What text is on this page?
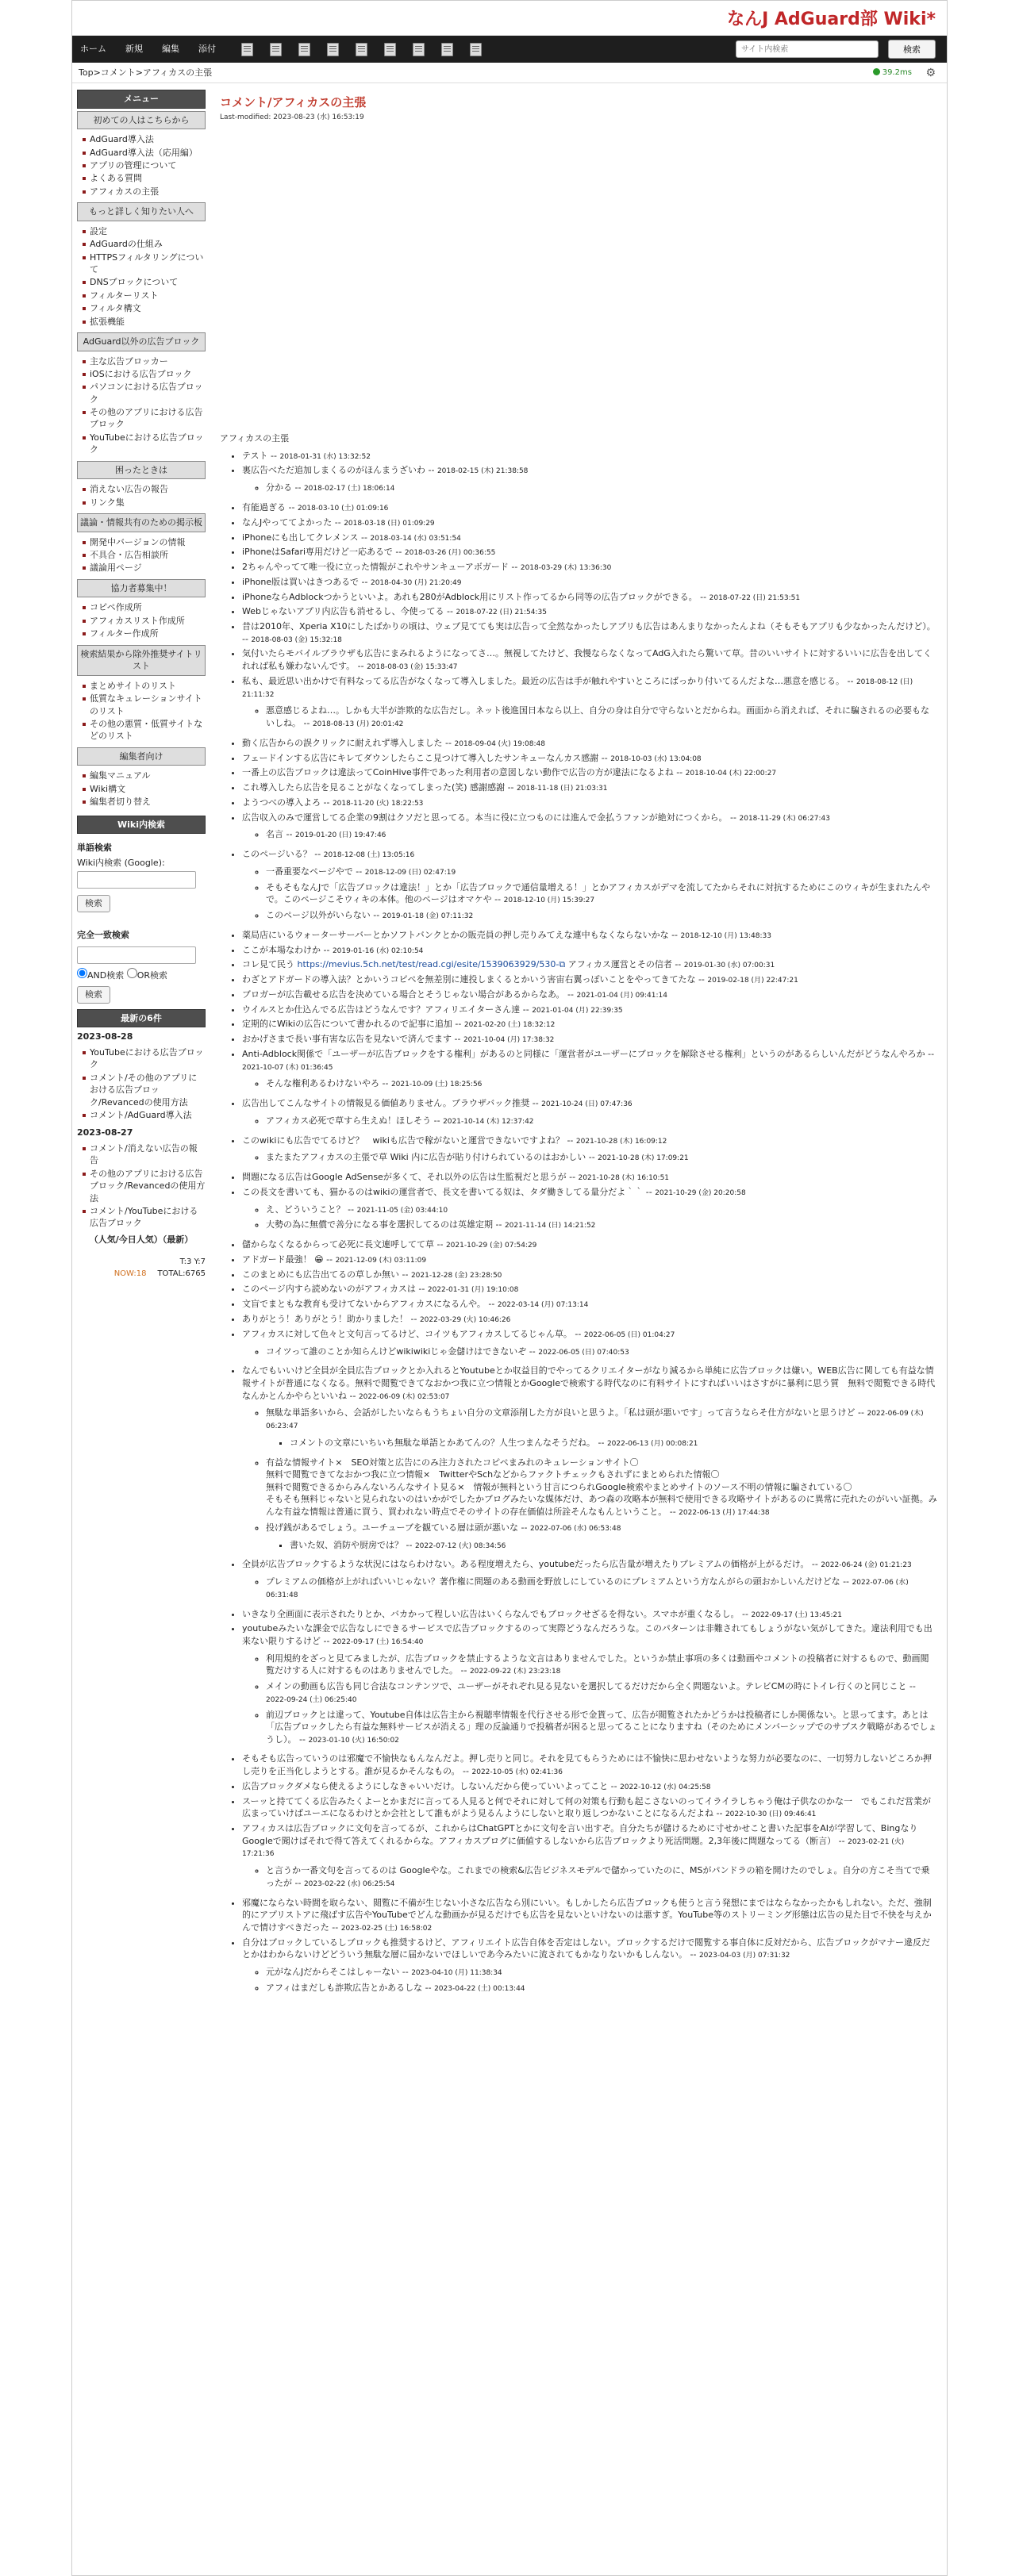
なんJ AdGuard部 Wiki*
ホーム 新規 編集 添付
サイト内検索	検索
Top > コメント > アフィカスの主張	39.2ms ⚙
メニュー
初めての人はこちらから
AdGuard導入法
AdGuard導入法（応用編）
アプリの管理について
よくある質問
アフィカスの主張
もっと詳しく知りたい人へ
設定
AdGuardの仕組み
HTTPSフィルタリングについて
DNSブロックについて
フィルターリスト
フィルタ構文
拡張機能
AdGuard以外の広告ブロック
主な広告ブロッカー
iOSにおける広告ブロック
パソコンにおける広告ブロック
その他のアプリにおける広告ブロック
YouTubeにおける広告ブロック
困ったときは
消えない広告の報告
リンク集
議論・情報共有のための掲示板
開発中バージョンの情報
不具合・広告相談所
議論用ページ
協力者募集中！
コピペ作成所
アフィカスリスト作成所
フィルター作成所
検索結果から除外推奨サイトリスト
まとめサイトのリスト
低質なキュレーションサイトのリスト
その他の悪質・低質サイトなどのリスト
編集者向け
編集マニュアル
Wiki構文
編集者切り替え
Wiki内検索
単語検索
Wiki内検索 (Google):
検索
完全一致検索
AND検索 OR検索
検索
最新の6件
2023-08-28
YouTubeにおける広告ブロック
コメント/その他のアプリにおける広告ブロック/Revancedの使用方法
コメント/AdGuard導入法
2023-08-27
コメント/消えない広告の報告
その他のアプリにおける広告ブロック/Revancedの使用方法
コメント/YouTubeにおける広告ブロック
（人気/今日人気）（最新）
T:3 Y:7
NOW:18 TOTAL:6765
コメント/アフィカスの主張
Last-modified: 2023-08-23 (水) 16:53:19
アフィカスの主張
• テスト -- 2018-01-31 (水) 13:32:52
• 裏広告べただ追加しまくるのがほんまうざいわ -- 2018-02-15 (木) 21:38:58
◦ 分かる -- 2018-02-17 (土) 18:06:14
• 有能過ぎる -- 2018-03-10 (土) 01:09:16
• なんJやっててよかった -- 2018-03-18 (日) 01:09:29
• iPhoneにも出してクレメンス -- 2018-03-14 (水) 03:51:54
• iPhoneはSafari専用だけど一応あるで -- 2018-03-26 (月) 00:36:55
• 2ちゃんやってて唯一役に立った情報がこれやサンキューアボガード -- 2018-03-29 (木) 13:36:30
• iPhone版は買いはきつあるで -- 2018-04-30 (月) 21:20:49
• iPhoneならAdblockつかうといいよ。あれも280がAdblock用にリスト作ってるから同等の広告ブロックができる。 -- 2018-07-22 (日) 21:53:51
• Webじゃないアプリ内広告も消せるし、今使ってる -- 2018-07-22 (日) 21:54:35
• 昔は2010年、Xperia X10にしたばかりの頃は、ウェブ見てても実は広告って全然なかったしアプリも広告はあんまりなかったんよね（そもそもアプリも少なかったんだけど）。 -- 2018-08-03 (金) 15:32:18
• 気付いたらモバイルブラウザも広告にまみれるようになってさ…。無視してたけど、我慢ならなくなってAdG入れたら驚いて草。昔のいいサイトに対するいいに広告を出してくれれば私も嫌わないんです。 -- 2018-08-03 (金) 15:33:47
• 私も、最近思い出かけで有料なってる広告がなくなって導入しました。最近の広告は手が触れやすいところにばっかり付いてるんだよな…悪意を感じる。 -- 2018-08-12 (日) 21:11:32
◦ 悪意感じるよね…。しかも大半が詐欺的な広告だし。ネット後進国日本なら以上、自分の身は自分で守らないとだからね。画面から消えれば、それに騙されるの必要もないしね。 -- 2018-08-13 (月) 20:01:42
• 動く広告からの誤クリックに耐えれず導入しました -- 2018-09-04 (火) 19:08:48
• フェードインする広告にキレてダウンしたらここ見つけて導入したサンキューなんカス感謝 -- 2018-10-03 (水) 13:04:08
• 一番上の広告ブロックは違法ってCoinHive事件であった利用者の意図しない動作で広告の方が違法になるよね -- 2018-10-04 (木) 22:00:27
• これ導入したら広告を見ることがなくなってしまった(笑) 感謝感謝 -- 2018-11-18 (日) 21:03:31
• ようつべの導入よろ -- 2018-11-20 (火) 18:22:53
• 広告収入のみで運営してる企業の9割はクソだと思ってる。本当に役に立つものには進んで金払うファンが絶対につくから。 -- 2018-11-29 (木) 06:27:43
◦ 名言 -- 2019-01-20 (日) 19:47:46
• このページいる？ -- 2018-12-08 (土) 13:05:16
◦ 一番重要なページやで -- 2018-12-09 (日) 02:47:19
◦ そもそもなんJで「広告ブロックは違法！」とか「広告ブロックで通信量増える！」とかアフィカスがデマを流してたからそれに対抗するためにこのウィキが生まれたんやで。このページこそウィキの本体。他のページはオマケや -- 2018-12-10 (月) 15:39:27
◦ このページ以外がいらない -- 2019-01-18 (金) 07:11:32
• 薬局店にいるウォーターサーバーとかソフトバンクとかの販売員の押し売りみてえな連中もなくならないかな -- 2018-12-10 (月) 13:48:33
• ここが本場なわけか -- 2019-01-16 (水) 02:10:54
• コレ見て民う https://mevius.5ch.net/test/read.cgi/esite/1539063929/530-⧉ アフィカス運営とその信者 -- 2019-01-30 (水) 07:00:31
• わざとアドガードの導入法？とかいうコピペを無差別に連投しまくるとかいう害宙右翼っぽいことをやってきてたな -- 2019-02-18 (月) 22:47:21
• ブロガーが広告載せる広告を決めている場合とそうじゃない場合があるからなあ。 -- 2021-01-04 (月) 09:41:14
• ウイルスとか仕込んでる広告はどうなんです？アフィリエイターさん達 -- 2021-01-04 (月) 22:39:35
• 定期的にWikiの広告について書かれるので記事に追加 -- 2021-02-20 (土) 18:32:12
• おかげさまで長い事有害な広告を見ないで済んでます -- 2021-10-04 (月) 17:38:32
• Anti-Adblock関係で「ユーザーが広告ブロックをする権利」があるのと同様に「運営者がユーザーにブロックを解除させる権利」というのがあるらしいんだがどうなんやろか -- 2021-10-07 (木) 01:36:45
◦ そんな権利あるわけないやろ -- 2021-10-09 (土) 18:25:56
• 広告出してこんなサイトの情報見る価値ありません。ブラウザバック推奨 -- 2021-10-24 (日) 07:47:36
◦ アフィカス必死で草すら生えぬ！ほしそう -- 2021-10-14 (木) 12:37:42
• このwikiにも広告でてるけど？　wikiも広告で稼がないと運営できないですよね？ -- 2021-10-28 (木) 16:09:12
◦ またまたアフィカスの主張で草 Wiki 内に広告が貼り付けられているのはおかしい -- 2021-10-28 (木) 17:09:21
• 問題になる広告はGoogle AdSenseが多くて、それ以外の広告は生監視だと思うが -- 2021-10-28 (木) 16:10:51
• この長文を書いても、猫かるのはwikiの運営者で、長文を書いてる奴は、タダ働きしてる量分だよ｀｀ -- 2021-10-29 (金) 20:20:58
◦ え、どういうこと？ -- 2021-11-05 (金) 03:44:10
◦ 大勢の為に無償で善分になる事を選択してるのは英雄定期 -- 2021-11-14 (日) 14:21:52
• 儲からなくなるからって必死に長文連呼してて草 -- 2021-10-29 (金) 07:54:29
• アドガード最強！ 😁 -- 2021-12-09 (木) 03:11:09
• このまとめにも広告出てるの草しか無い -- 2021-12-28 (金) 23:28:50
• このページ内すら読めないのがアフィカスは -- 2022-01-31 (月) 19:10:08
• 文盲でまともな教育も受けてないからアフィカスになるんや。 -- 2022-03-14 (月) 07:13:14
• ありがとう！ありがとう！助かりました！ -- 2022-03-29 (火) 10:46:26
• アフィカスに対して色々と文句言ってるけど、コイツもアフィカスしてるじゃん草。 -- 2022-06-05 (日) 01:04:27
◦ コイツって誰のことか知らんけどwikiwikiじゃ金儲けはできないぞ -- 2022-06-05 (日) 07:40:53
• なんでもいいけど全員が全員広告ブロックとか入れるとYoutubeとか収益目的でやってるクリエイターがなり減るから単純に広告ブロックは嫌い。WEB広告に関しても有益な情報サイトが普通になくなる。無料で閲覧できてなおかつ我に立つ情報とかGoogleで検索する時代なのに有料サイトにすればいいはさすがに暴利に思う質　無料で閲覧できる時代なんかとんかやらといいね -- 2022-06-09 (木) 02:53:07
◦ 無駄な単語多いから、会話がしたいならもうちょい自分の文章添削した方が良いと思うよ。「私は頭が悪いです」って言うならそ仕方がないと思うけど -- 2022-06-09 (木) 06:23:47
▪ コメントの文章にいちいち無駄な単語とかあてんの？人生つまんなそうだね。 -- 2022-06-13 (月) 00:08:21
◦ 有益な情報サイト×　SEO対策と広告にのみ注力されたコピペまみれのキュレーションサイト〇
無料で閲覧できてなおかつ我に立つ情報×　TwitterやSchなどからファクトチェックもされずにまとめられた情報〇
無料で閲覧できるからみんないろんなサイト見る×　情報が無料という甘言につられGoogle検索やまとめサイトのソース不明の情報に騙されている〇
そもそも無料じゃないと見られないのはいかがでしたかブログみたいな媒体だけ、あつ森の攻略本が無料で使用できる攻略サイトがあるのに異常に売れたのがいい証拠。みんな有益な情報は普通に買う、買われない時点でそのサイトの存在価値は所詮そんなもんということ。 -- 2022-06-13 (月) 17:44:38
◦ 投げ銭があるでしょう。ユーチューブを観ている層は頭が悪いな -- 2022-07-06 (水) 06:53:48
▪ 書いた奴、消防や厨房では？ -- 2022-07-12 (火) 08:34:56
• 全員が広告ブロックするような状況にはならわけない。ある程度増えたら、youtubeだったら広告量が増えたりプレミアムの価格が上がるだけ。 -- 2022-06-24 (金) 01:21:23
◦ プレミアムの価格が上がればいいじゃない？著作権に問題のある動画を野放しにしているのにプレミアムという方なんがらの頭おかしいんだけどな -- 2022-07-06 (水) 06:31:48
• いきなり全画面に表示されたりとか、バカかって程しい広告はいくらなんでもブロックせざるを得ない。スマホが重くなるし。 -- 2022-09-17 (土) 13:45:21
• youtubeみたいな課金で広告なしにできるサービスで広告ブロックするのって実際どうなんだろうな。このパターンは非難されてもしょうがない気がしてきた。違法利用でも出来ない限りするけど -- 2022-09-17 (土) 16:54:40
◦ 利用規約をざっと見てみましたが、広告ブロックを禁止するような文言はありませんでした。というか禁止事項の多くは動画やコメントの投稿者に対するもので、動画閲覧だけする人に対するものはありませんでした。 -- 2022-09-22 (木) 23:23:18
◦ メインの動画も広告も同じ合法なコンテンツで、ユーザーがそれぞれ見る見ないを選択してるだけだから全く問題ないよ。テレビCMの時にトイレ行くのと同じこと -- 2022-09-24 (土) 06:25:40
◦ 前辺ブロックとは違って、Youtube自体は広告主から視聴率情報を代行させる形で金貰って、広告が閲覧されたかどうかは投稿者にしか関係ない。と思ってます。あとは「広告ブロックしたら有益な無料サービスが消える」理の反論通りで投稿者が困ると思ってることになりますね（そのためにメンバーシップでのサブスク戦略があるでしょうし）。 -- 2023-01-10 (火) 16:50:02
• そもそも広告っていうのは邪魔で不愉快なもんなんだよ。押し売りと同じ。それを見てもらうためには不愉快に思わせないような努力が必要なのに、一切努力しないどころか押し売りを正当化しようとする。誰が見るかそんなもの。 -- 2022-10-05 (水) 02:41:36
• 広告ブロックダメなら使えるようにしなきゃいいだけ。しないんだから使っていいよってこと -- 2022-10-12 (水) 04:25:58
• スーッと持ててくる広告みたくよーとかまだに言ってる人見ると何でそれに対して何の対策も行動も起こさないのってイライラしちゃう俺は子供なのかな一　でもこれだ営業が広まっていけばユーエになるわけとか会社として誰もがよう見るんようにしないと取り返しつかないことになるんだよね -- 2022-10-30 (日) 09:46:41
• アフィカスは広告ブロックに文句を言ってるが、これからはChatGPTとかに文句を言い出すぞ。自分たちが儲けるために寸せかせこと書いた記事をAIが学習して、BingなりGoogleで聞けばそれで得て答えてくれるからな。アフィカスブログに価値するしないから広告ブロックより死活問題。2,3年後に問題なってる（断言） -- 2023-02-21 (火) 17:21:36
◦ と言うか一番文句を言ってるのは Googleやな。これまでの検索&広告ビジネスモデルで儲かっていたのに、MSがパンドラの箱を開けたのでしょ。自分の方こそ当てで乗ったが -- 2023-02-22 (水) 06:25:54
• 邪魔にならない時間を取らない、閲覧に不備が生じない小さな広告なら別にいい。もしかしたら広告ブロックも使うと言う発想にまではならなかったかもしれない。ただ、強制的にアプリストアに飛ばす広告やYouTubeでどんな動画かが見るだけでも広告を見ないといけないのは悪すぎ。YouTube等のストリーミング形態は広告の見た目で不快を与えかんで情けすべきだった -- 2023-02-25 (土) 16:58:02
• 自分はブロックしているしブロックも推奨するけど、アフィリエイト広告自体を否定はしない。ブロックするだけで閲覧する事自体に反対だから、広告ブロックがマナー違反だとかはわからないけどどういう無駄な層に届かないでほしいであ今みたいに流されてもかなりないかもしんない。 -- 2023-04-03 (月) 07:31:32
◦ 元がなんJだからそこはしゃーない -- 2023-04-10 (月) 11:38:34
◦ アフィはまだしも詐欺広告とかあるしな -- 2023-04-22 (土) 00:13:44
